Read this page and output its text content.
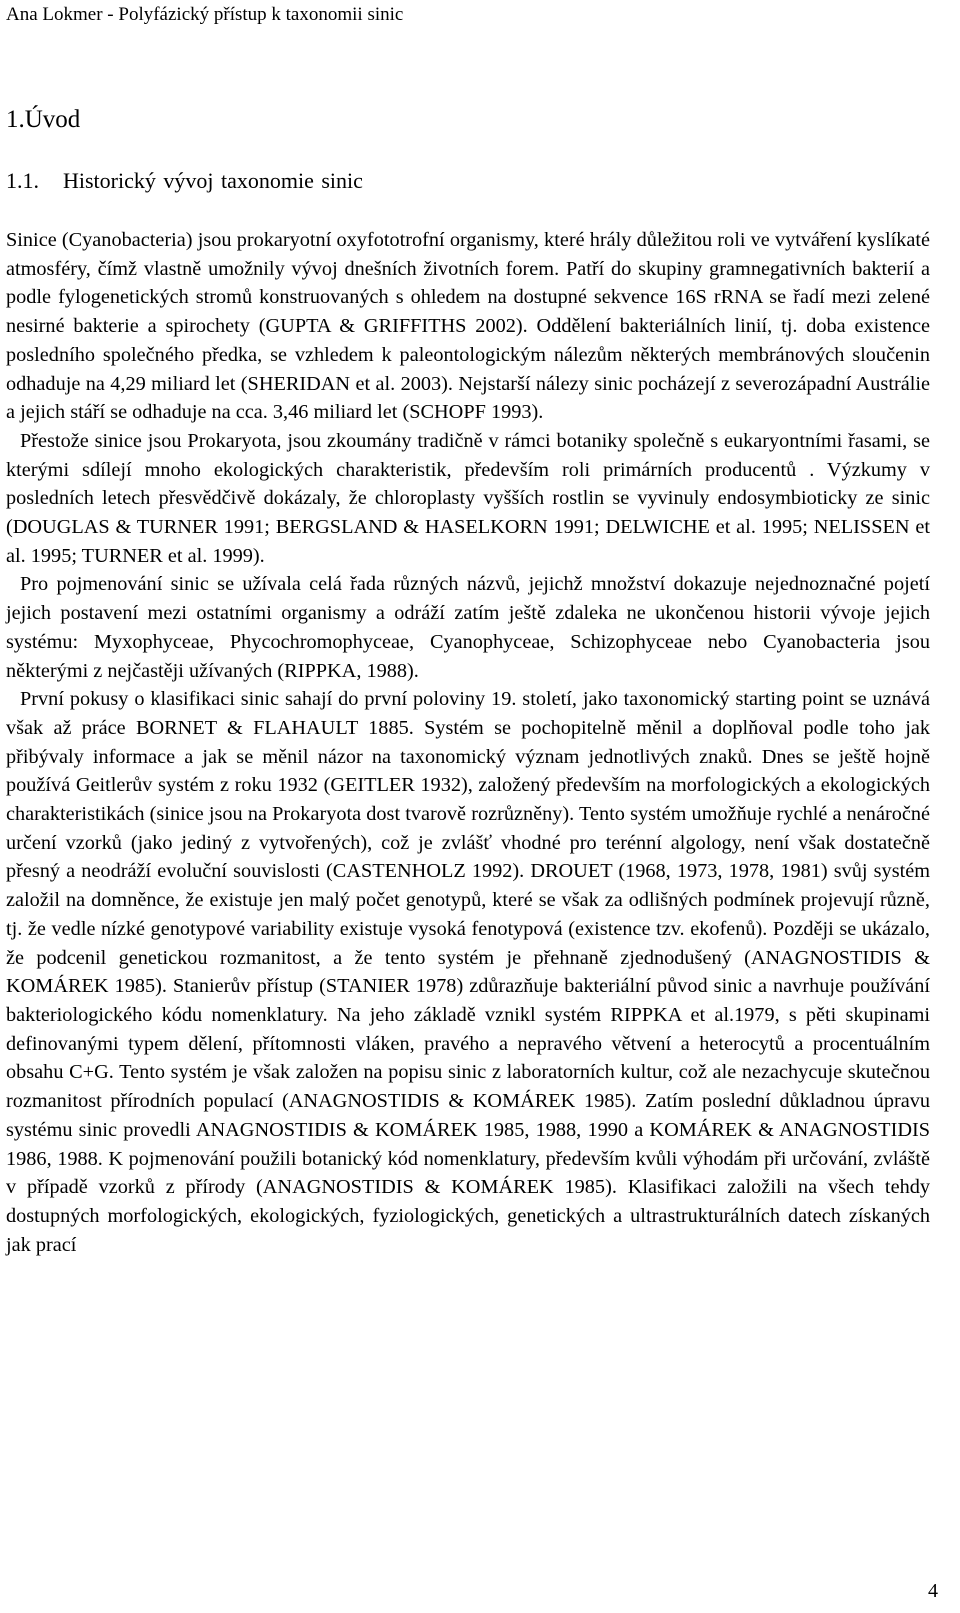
Ana Lokmer - Polyfázický přístup k taxonomii sinic
1.Úvod
1.1. Historický vývoj taxonomie sinic

Sinice (Cyanobacteria) jsou prokaryotní oxyfototrofní organismy, které hrály důležitou roli ve vytváření kyslíkaté atmosféry, čímž vlastně umožnily vývoj dnešních životních forem. Patří do skupiny gramnegativních bakterií a podle fylogenetických stromů konstruovaných s ohledem na dostupné sekvence 16S rRNA se řadí mezi zelené nesirné bakterie a spirochety (GUPTA & GRIFFITHS 2002). Oddělení bakteriálních linií, tj. doba existence posledního společného předka, se vzhledem k paleontologickým nálezům některých membránových sloučenin odhaduje na 4,29 miliard let (SHERIDAN et al. 2003). Nejstarší nálezy sinic pocházejí z severozápadní Austrálie a jejich stáří se odhaduje na cca. 3,46 miliard let (SCHOPF 1993).

Přestože sinice jsou Prokaryota, jsou zkoumány tradičně v rámci botaniky společně s eukaryontními řasami, se kterými sdílejí mnoho ekologických charakteristik, především roli primárních producentů . Výzkumy v posledních letech přesvědčivě dokázaly, že chloroplasty vyšších rostlin se vyvinuly endosymbioticky ze sinic (DOUGLAS & TURNER 1991; BERGSLAND & HASELKORN 1991; DELWICHE et al. 1995; NELISSEN et al. 1995; TURNER et al. 1999).

Pro pojmenování sinic se užívala celá řada různých názvů, jejichž množství dokazuje nejednoznačné pojetí jejich postavení mezi ostatními organismy a odráží zatím ještě zdaleka ne ukončenou historii vývoje jejich systému: Myxophyceae, Phycochromophyceae, Cyanophyceae, Schizophyceae nebo Cyanobacteria jsou některými z nejčastěji užívaných (RIPPKA, 1988).

První pokusy o klasifikaci sinic sahají do první poloviny 19. století, jako taxonomický starting point se uznává však až práce BORNET & FLAHAULT 1885. Systém se pochopitelně měnil a doplňoval podle toho jak přibývaly informace a jak se měnil názor na taxonomický význam jednotlivých znaků. Dnes se ještě hojně používá Geitlerův systém z roku 1932 (GEITLER 1932), založený především na morfologických a ekologických charakteristikách (sinice jsou na Prokaryota dost tvarově rozrůzněny). Tento systém umožňuje rychlé a nenáročné určení vzorků (jako jediný z vytvořených), což je zvlášť vhodné pro terénní algology, není však dostatečně přesný a neodráží evoluční souvislosti (CASTENHOLZ 1992). DROUET (1968, 1973, 1978, 1981) svůj systém založil na domněnce, že existuje jen malý počet genotypů, které se však za odlišných podmínek projevují různě, tj. že vedle nízké genotypové variability existuje vysoká fenotypová (existence tzv. ekofenů). Později se ukázalo, že podcenil genetickou rozmanitost, a že tento systém je přehnaně zjednodušený (ANAGNOSTIDIS & KOMÁREK 1985). Stanierův přístup (STANIER 1978) zdůrazňuje bakteriální původ sinic a navrhuje používání bakteriologického kódu nomenklatury. Na jeho základě vznikl systém RIPPKA et al.1979, s pěti skupinami definovanými typem dělení, přítomnosti vláken, pravého a nepravého větvení a heterocytů a procentuálním obsahu C+G. Tento systém je však založen na popisu sinic z laboratorních kultur, což ale nezachycuje skutečnou rozmanitost přírodních populací (ANAGNOSTIDIS & KOMÁREK 1985). Zatím poslední důkladnou úpravu systému sinic provedli ANAGNOSTIDIS & KOMÁREK 1985, 1988, 1990 a KOMÁREK & ANAGNOSTIDIS 1986, 1988. K pojmenování použili botanický kód nomenklatury, především kvůli výhodám při určování, zvláště v případě vzorků z přírody (ANAGNOSTIDIS & KOMÁREK 1985). Klasifikaci založili na všech tehdy dostupných morfologických, ekologických, fyziologických, genetických a ultrastrukturálních datech získaných jak prací

4
